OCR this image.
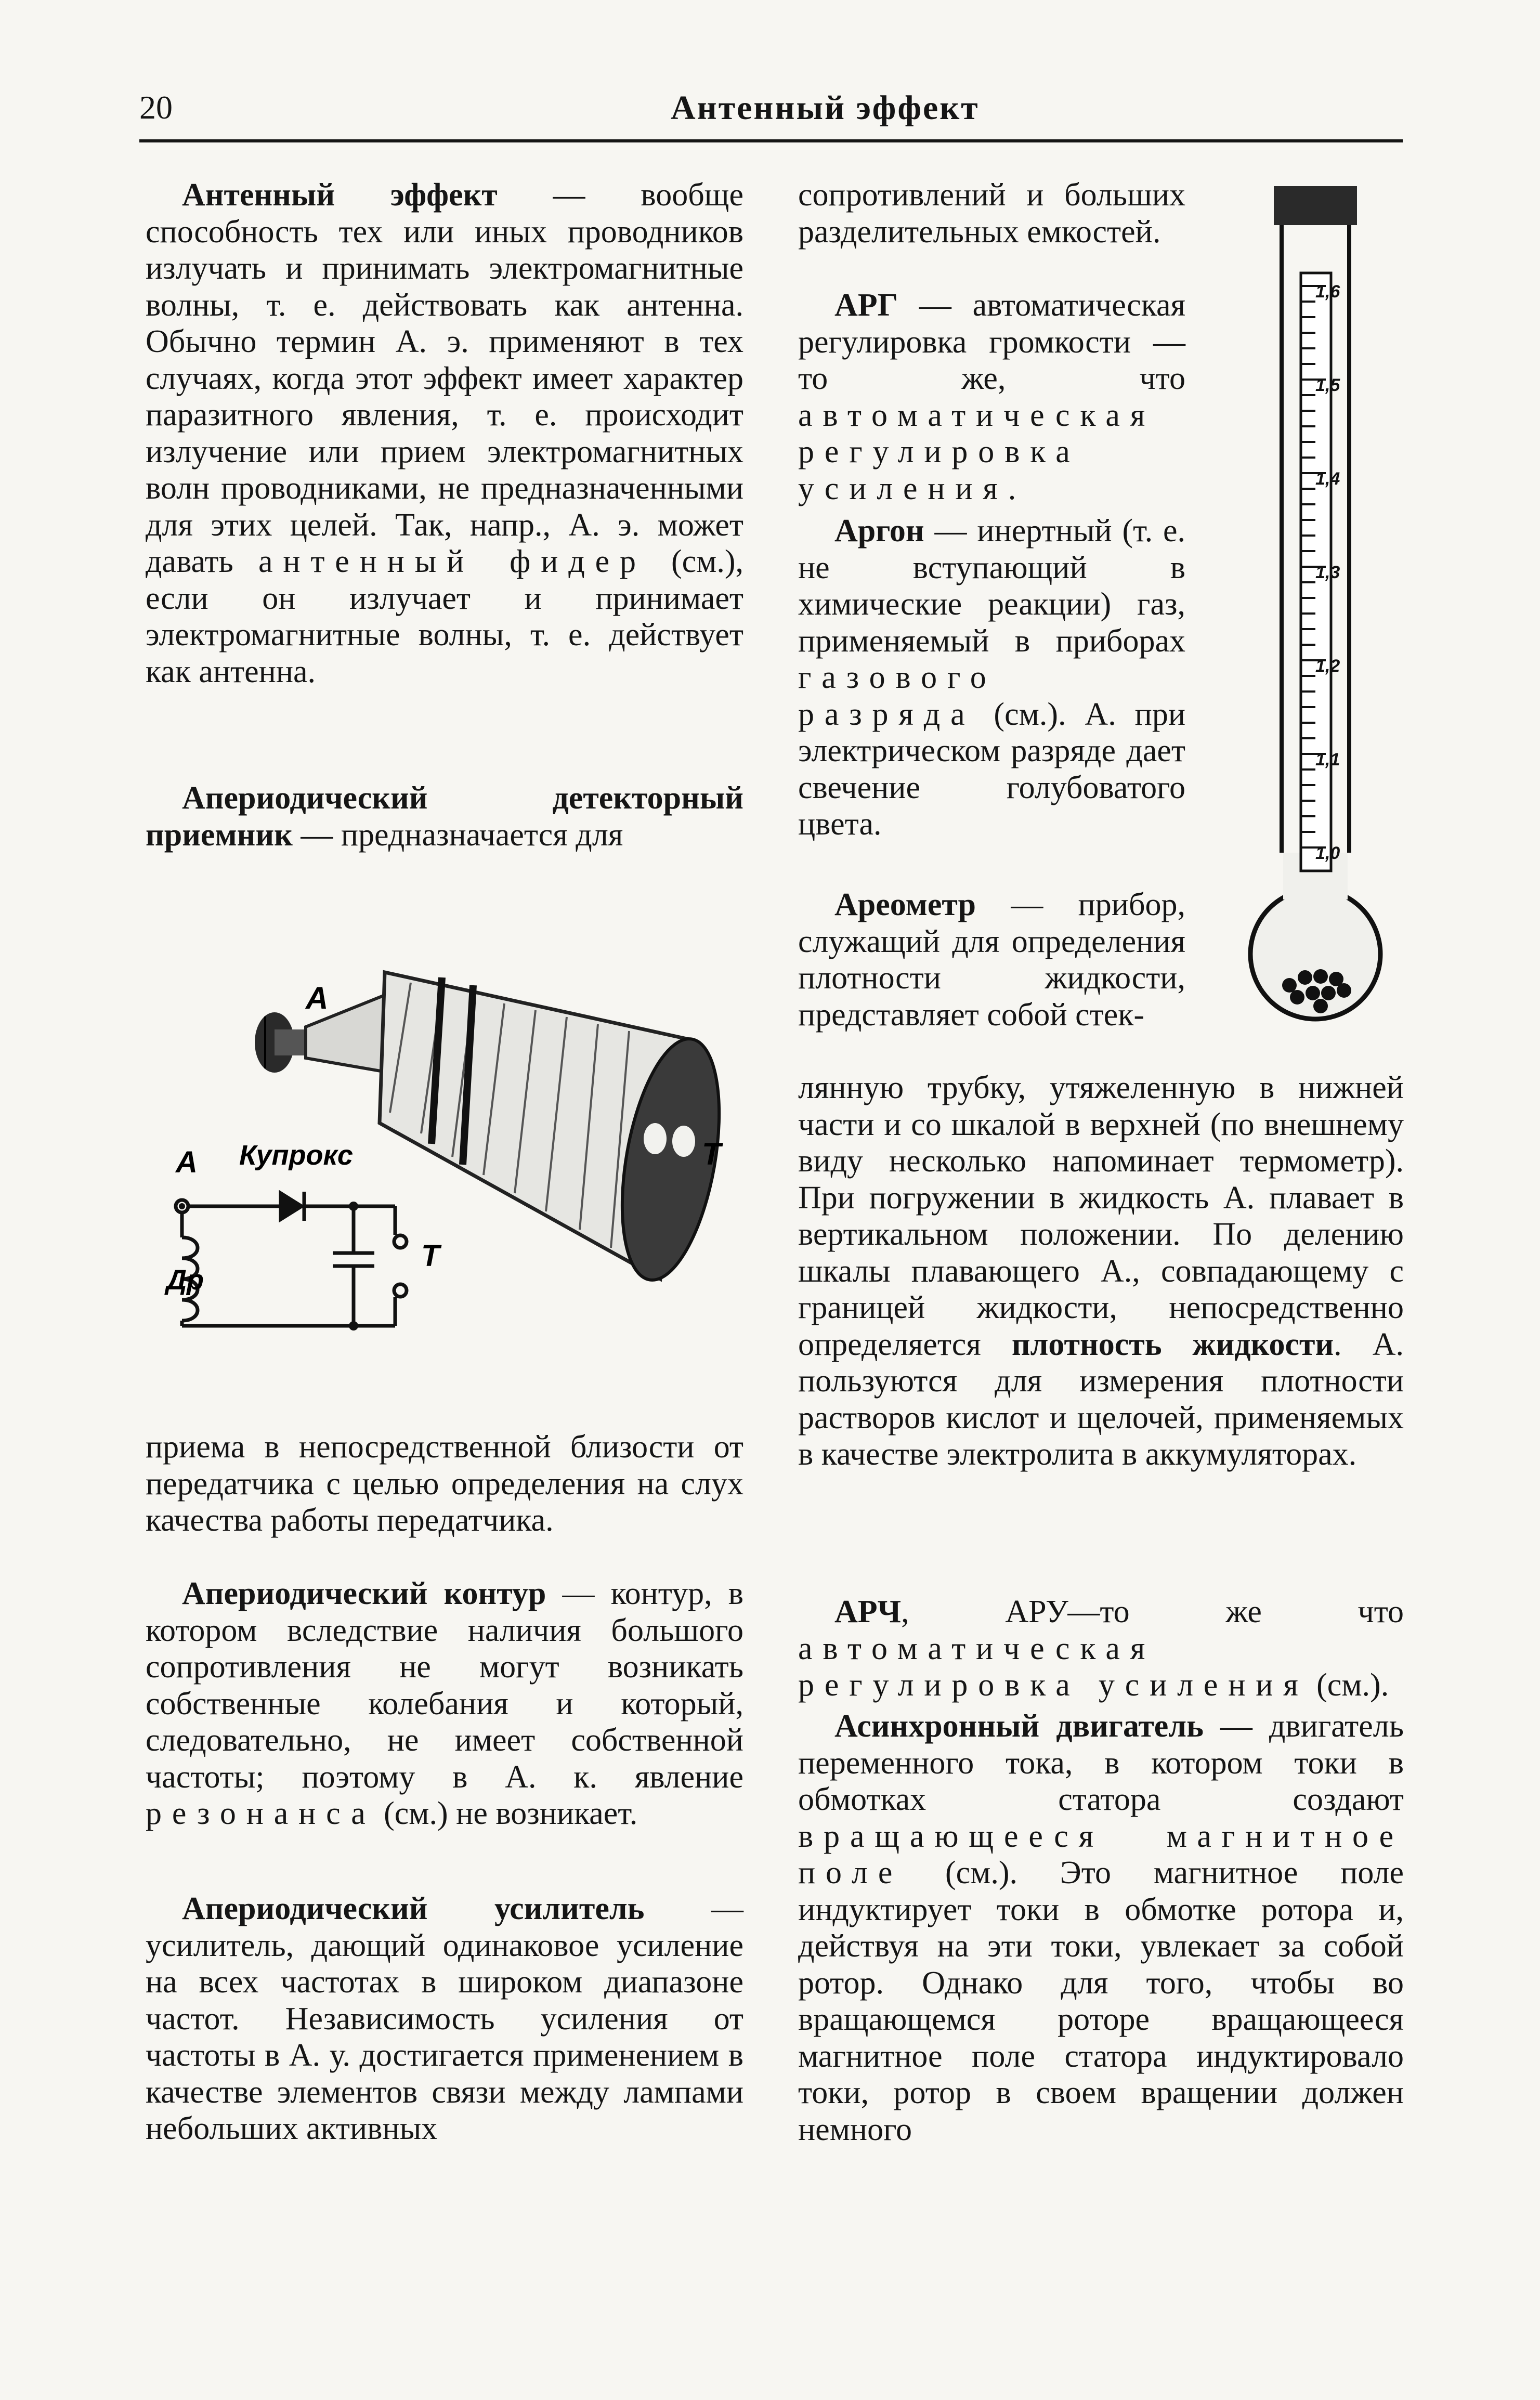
20	Антенный эффект

Антенный эффект — вообще способность тех или иных проводников излучать и принимать электромагнитные волны, т. е. действовать как антенна. Обычно термин А. э. применяют в тех случаях, когда этот эффект имеет характер паразитного явления, т. е. происходит излучение или прием электромагнитных волн проводниками, не предназначенными для этих целей. Так, напр., А. э. может давать антенный фидер (см.), если он излучает и принимает электромагнитные волны, т. е. действует как антенна.

Апериодический детекторный приемник — предназначается для

А
Т
А Купрокс
Др
Т

приема в непосредственной близости от передатчика с целью определения на слух качества работы передатчика.

Апериодический контур — контур, в котором вследствие наличия большого сопротивления не могут возникать собственные колебания и который, следовательно, не имеет собственной частоты; поэтому в А. к. явление резонанса (см.) не возникает.

Апериодический усилитель — усилитель, дающий одинаковое усиление на всех частотах в широком диапазоне частот. Независимость усиления от частоты в А. у. достигается применением в качестве элементов связи между лампами небольших активных

сопротивлений и больших разделительных емкостей.

АРГ — автоматическая регулировка громкости — то же, что автоматическая регулировка усиления.

Аргон — инертный (т. е. не вступающий в химические реакции) газ, применяемый в приборах газового разряда (см.). А. при электрическом разряде дает свечение голубоватого цвета.

Ареометр — прибор, служащий для определения плотности жидкости, представляет собой стек-

1,6
1,5
1,4
1,3
1,2
1,1
1,0

лянную трубку, утяжеленную в нижней части и со шкалой в верхней (по внешнему виду несколько напоминает термометр). При погружении в жидкость А. плавает в вертикальном положении. По делению шкалы плавающего А., совпадающему с границей жидкости, непосредственно определяется плотность жидкости. А. пользуются для измерения плотности растворов кислот и щелочей, применяемых в качестве электролита в аккумуляторах.

АРЧ, АРУ—то же что автоматическая регулировка усиления (см.).

Асинхронный двигатель — двигатель переменного тока, в котором токи в обмотках статора создают вращающееся магнитное поле (см.). Это магнитное поле индуктирует токи в обмотке ротора и, действуя на эти токи, увлекает за собой ротор. Однако для того, чтобы во вращающемся роторе вращающееся магнитное поле статора индуктировало токи, ротор в своем вращении должен немного
